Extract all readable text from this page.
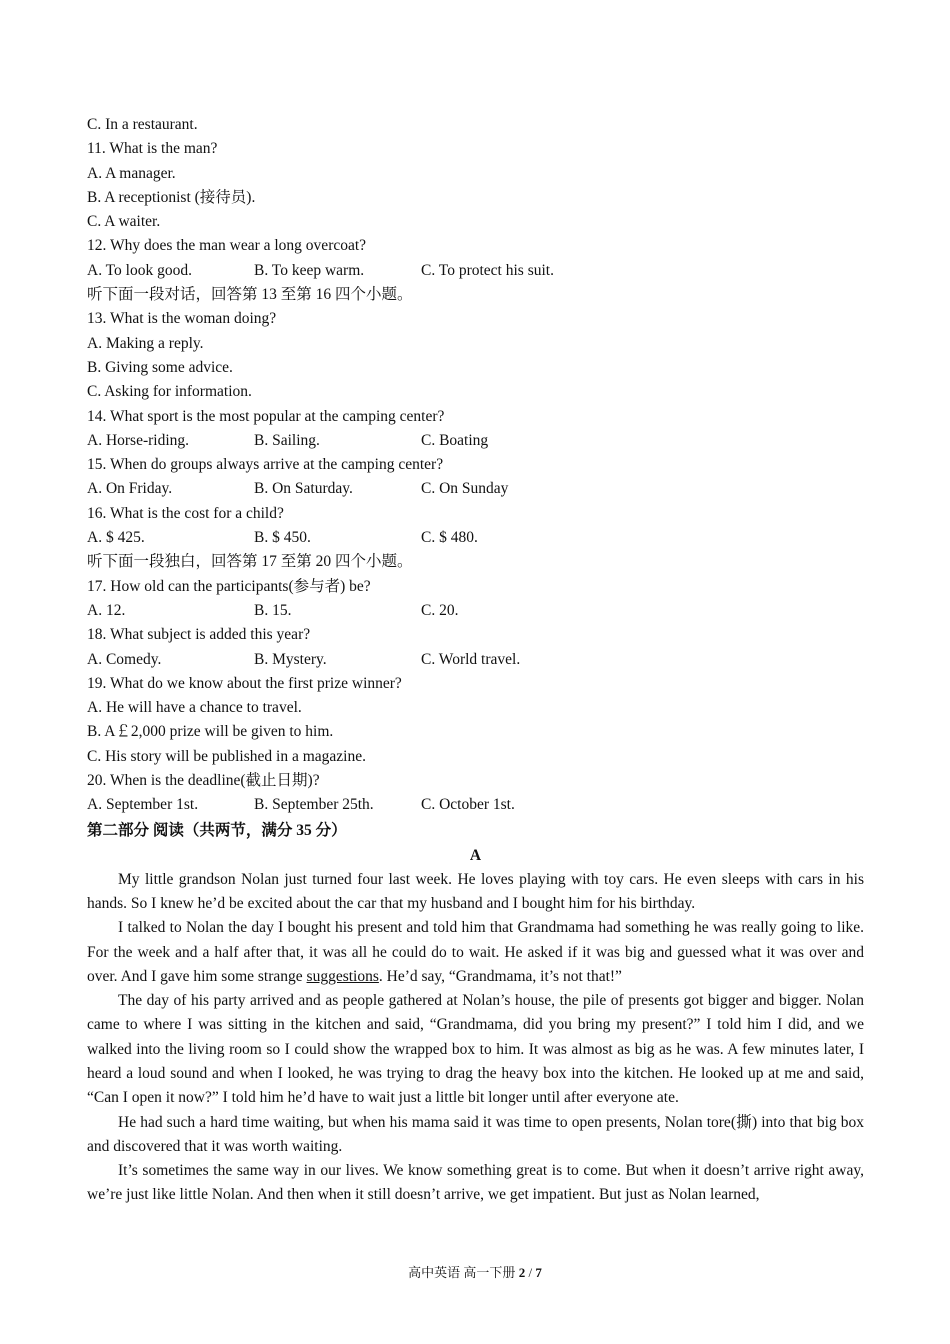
C. In a restaurant.
11. What is the man?
A. A manager.
B. A receptionist (接待员).
C. A waiter.
12. Why does the man wear a long overcoat?
A. To look good.	B. To keep warm.	C. To protect his suit.
听下面一段对话，回答第 13 至第 16 四个小题。
13. What is the woman doing?
A. Making a reply.
B. Giving some advice.
C. Asking for information.
14. What sport is the most popular at the camping center?
A. Horse-riding.	B. Sailing.	C. Boating
15. When do groups always arrive at the camping center?
A. On Friday.	B. On Saturday.	C. On Sunday
16. What is the cost for a child?
A. $ 425.	B. $ 450.	C. $ 480.
听下面一段独白，回答第 17 至第 20 四个小题。
17. How old can the participants(参与者) be?
A. 12.	B. 15.	C. 20.
18. What subject is added this year?
A. Comedy.	B. Mystery.	C. World travel.
19. What do we know about the first prize winner?
A. He will have a chance to travel.
B. A￡2,000 prize will be given to him.
C. His story will be published in a magazine.
20. When is the deadline(截止日期)?
A. September 1st.	B. September 25th.	C. October 1st.
第二部分 阅读（共两节，满分 35 分）
A

My little grandson Nolan just turned four last week. He loves playing with toy cars. He even sleeps with cars in his hands. So I knew he’d be excited about the car that my husband and I bought him for his birthday.

I talked to Nolan the day I bought his present and told him that Grandmama had something he was really going to like. For the week and a half after that, it was all he could do to wait. He asked if it was big and guessed what it was over and over. And I gave him some strange suggestions. He’d say, “Grandmama, it’s not that!”

The day of his party arrived and as people gathered at Nolan’s house, the pile of presents got bigger and bigger. Nolan came to where I was sitting in the kitchen and said, “Grandmama, did you bring my present?” I told him I did, and we walked into the living room so I could show the wrapped box to him. It was almost as big as he was. A few minutes later, I heard a loud sound and when I looked, he was trying to drag the heavy box into the kitchen. He looked up at me and said, “Can I open it now?” I told him he’d have to wait just a little bit longer until after everyone ate.

He had such a hard time waiting, but when his mama said it was time to open presents, Nolan tore(撕) into that big box and discovered that it was worth waiting.

It’s sometimes the same way in our lives. We know something great is to come. But when it doesn’t arrive right away, we’re just like little Nolan. And then when it still doesn’t arrive, we get impatient. But just as Nolan learned,

高中英语 高一下册 2 / 7
